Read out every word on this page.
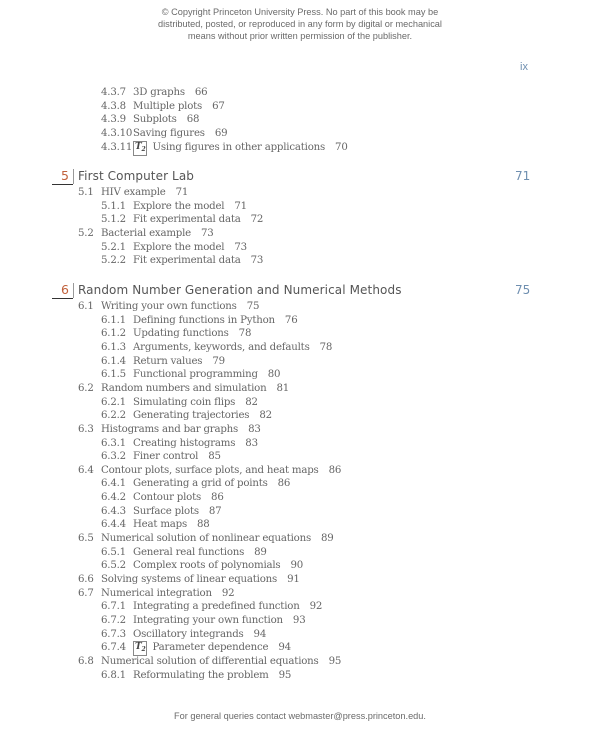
© Copyright Princeton University Press. No part of this book may be
distributed, posted, or reproduced in any form by digital or mechanical
means without prior written permission of the publisher.
ix
4.3.7 3D graphs 66
4.3.8 Multiple plots 67
4.3.9 Subplots 68
4.3.10 Saving figures 69
4.3.11 $T_2$ Using figures in other applications 70
5 First Computer Lab	71
5.1 HIV example 71
5.1.1 Explore the model 71
5.1.2 Fit experimental data 72
5.2 Bacterial example 73
5.2.1 Explore the model 73
5.2.2 Fit experimental data 73
6 Random Number Generation and Numerical Methods	75
6.1 Writing your own functions 75
6.1.1 Defining functions in Python 76
6.1.2 Updating functions 78
6.1.3 Arguments, keywords, and defaults 78
6.1.4 Return values 79
6.1.5 Functional programming 80
6.2 Random numbers and simulation 81
6.2.1 Simulating coin flips 82
6.2.2 Generating trajectories 82
6.3 Histograms and bar graphs 83
6.3.1 Creating histograms 83
6.3.2 Finer control 85
6.4 Contour plots, surface plots, and heat maps 86
6.4.1 Generating a grid of points 86
6.4.2 Contour plots 86
6.4.3 Surface plots 87
6.4.4 Heat maps 88
6.5 Numerical solution of nonlinear equations 89
6.5.1 General real functions 89
6.5.2 Complex roots of polynomials 90
6.6 Solving systems of linear equations 91
6.7 Numerical integration 92
6.7.1 Integrating a predefined function 92
6.7.2 Integrating your own function 93
6.7.3 Oscillatory integrands 94
6.7.4 $T_2$ Parameter dependence 94
6.8 Numerical solution of differential equations 95
6.8.1 Reformulating the problem 95
For general queries contact webmaster@press.princeton.edu.
